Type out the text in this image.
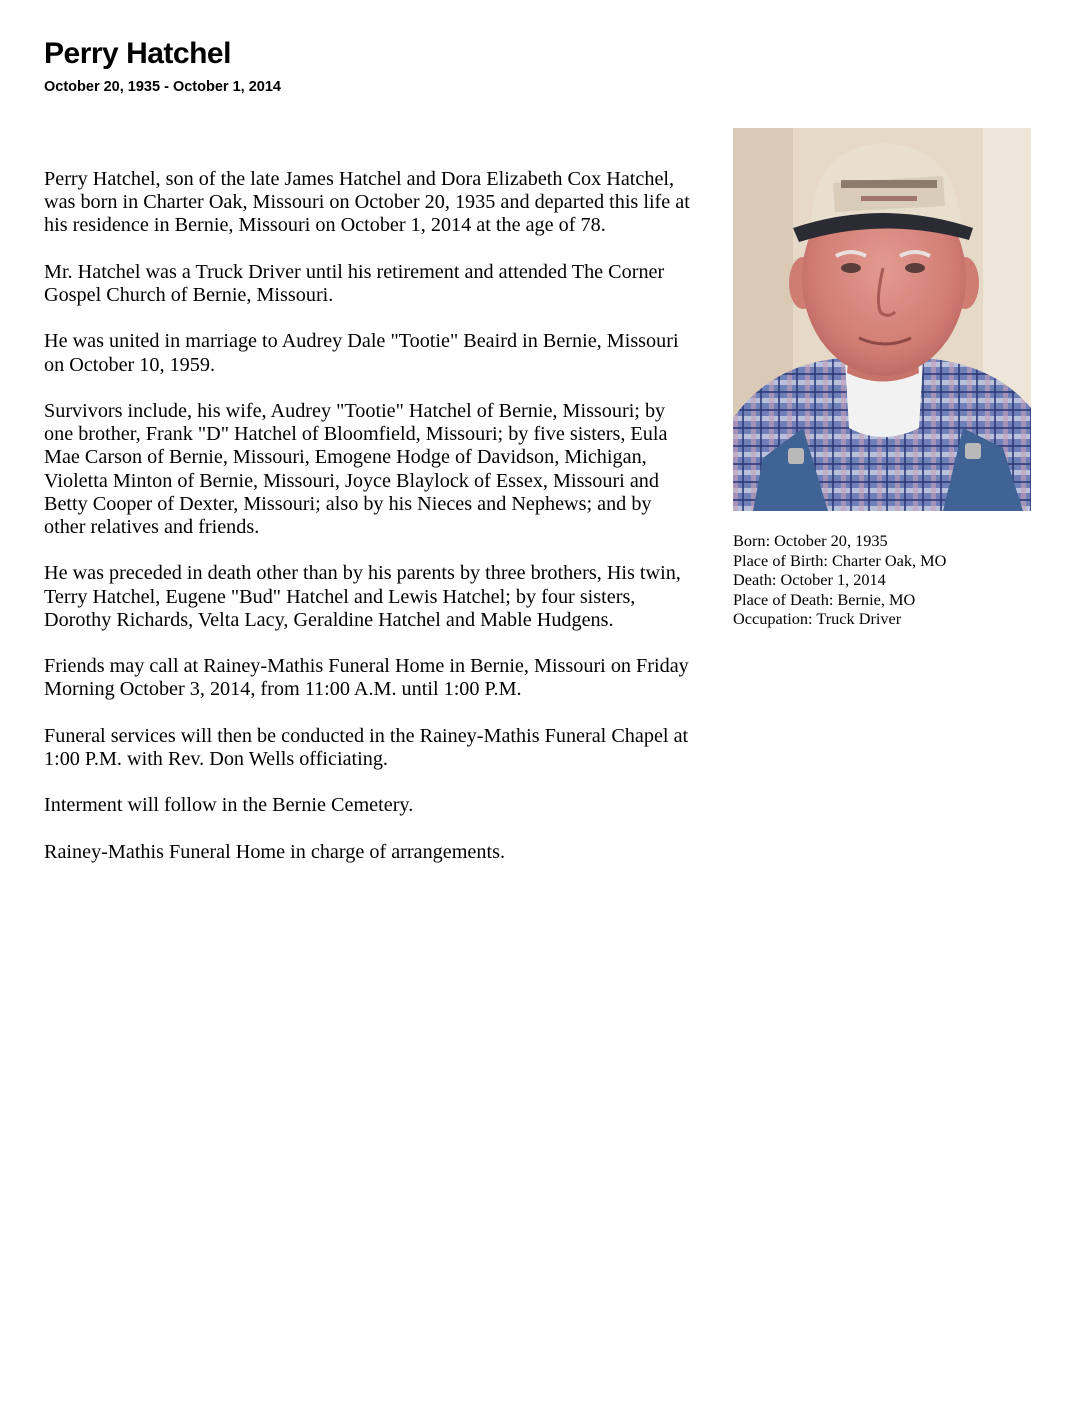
Perry Hatchel
October 20, 1935 - October 1, 2014

Perry Hatchel, son of the late James Hatchel and Dora Elizabeth Cox Hatchel, was born in Charter Oak, Missouri on October 20, 1935 and departed this life at his residence in Bernie, Missouri on October 1, 2014 at the age of 78.

Mr. Hatchel was a Truck Driver until his retirement and attended The Corner Gospel Church of Bernie, Missouri.

He was united in marriage to Audrey Dale "Tootie" Beaird in Bernie, Missouri on October 10, 1959.

Survivors include, his wife, Audrey "Tootie" Hatchel of Bernie, Missouri; by one brother, Frank "D" Hatchel of Bloomfield, Missouri; by five sisters, Eula Mae Carson of Bernie, Missouri, Emogene Hodge of Davidson, Michigan, Violetta Minton of Bernie, Missouri, Joyce Blaylock of Essex, Missouri and Betty Cooper of Dexter, Missouri; also by his Nieces and Nephews; and by other relatives and friends.

He was preceded in death other than by his parents by three brothers, His twin, Terry Hatchel, Eugene "Bud" Hatchel and Lewis Hatchel; by four sisters, Dorothy Richards, Velta Lacy, Geraldine Hatchel and Mable Hudgens.

Friends may call at Rainey-Mathis Funeral Home in Bernie, Missouri on Friday Morning October 3, 2014, from 11:00 A.M. until 1:00 P.M.

Funeral services will then be conducted in the Rainey-Mathis Funeral Chapel at 1:00 P.M. with Rev. Don Wells officiating.

Interment will follow in the Bernie Cemetery.

Rainey-Mathis Funeral Home in charge of arrangements.

Born: October 20, 1935
Place of Birth: Charter Oak, MO
Death: October 1, 2014
Place of Death: Bernie, MO
Occupation: Truck Driver
